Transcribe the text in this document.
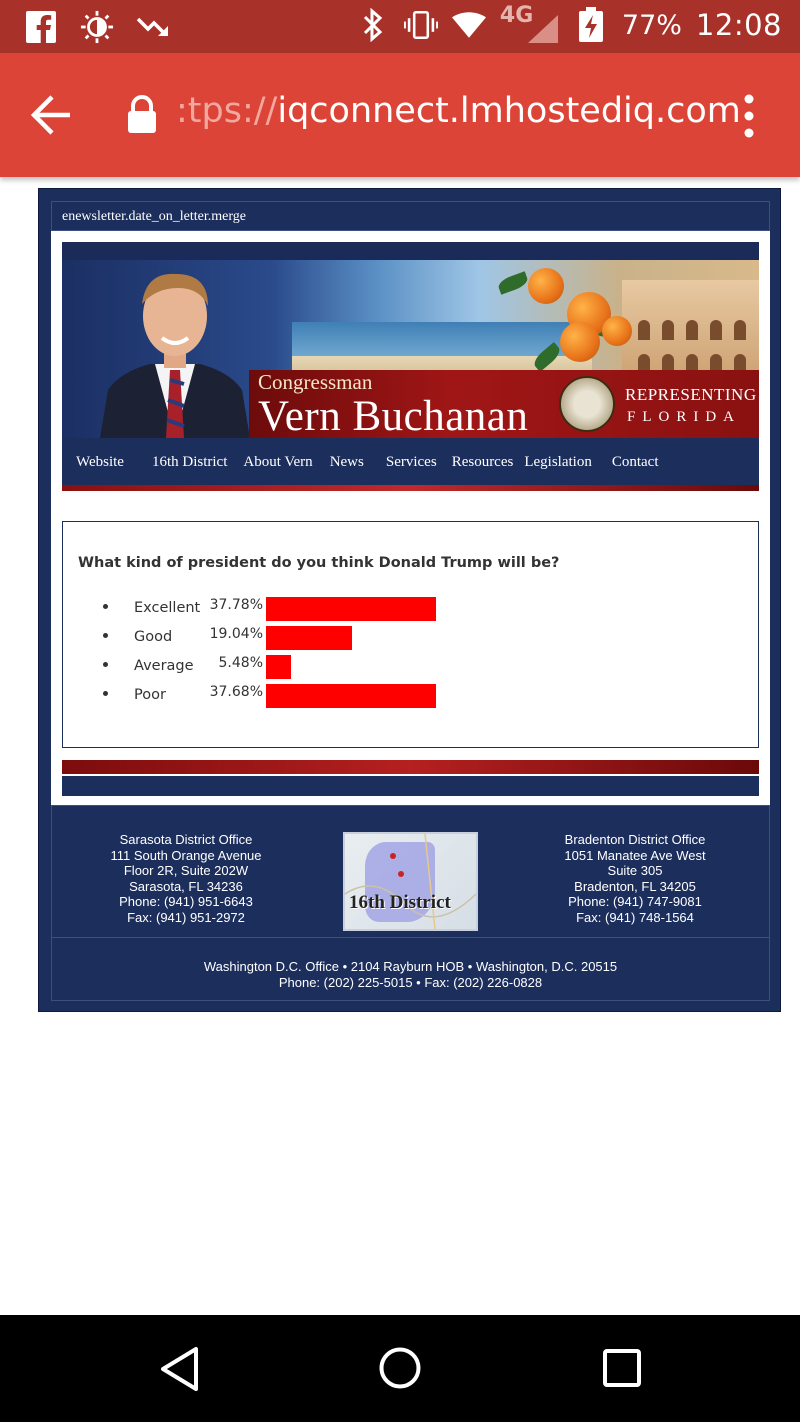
4G	77% 12:08
:tps://iqconnect.lmhostediq.com
enewsletter.date_on_letter.merge
Congressman
Vern Buchanan	REPRESENTING
FLORIDA
Website 16th District About Vern News Services Resources Legislation Contact
What kind of president do you think Donald Trump will be?
Excellent 37.78%
Good	19.04%
Average	5.48%
Poor	37.68%
Sarasota District Office
111 South Orange Avenue
Floor 2R, Suite 202W
Sarasota, FL 34236
Phone: (941) 951-6643
Fax: (941) 951-2972
16th District
Bradenton District Office
1051 Manatee Ave West
Suite 305
Bradenton, FL 34205
Phone: (941) 747-9081
Fax: (941) 748-1564
Washington D.C. Office • 2104 Rayburn HOB • Washington, D.C. 20515
Phone: (202) 225-5015 • Fax: (202) 226-0828
